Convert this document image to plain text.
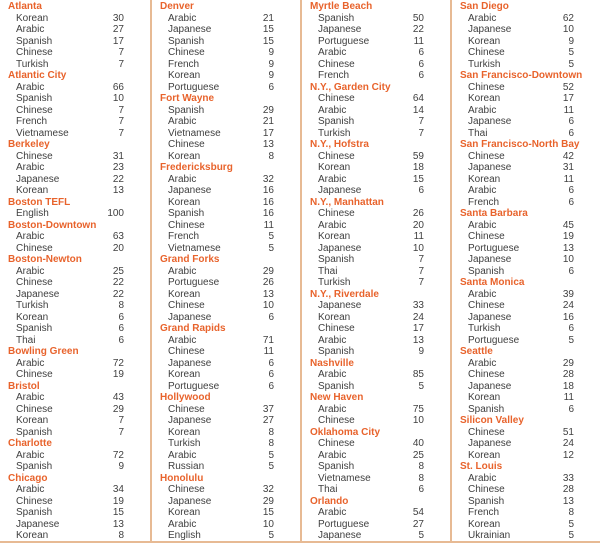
Atlanta
Korean	30
Arabic	27
Spanish	17
Chinese	7
Turkish	7
Atlantic City
Arabic	66
Spanish	10
Chinese	7
French	7
Vietnamese	7
Berkeley
Chinese	31
Arabic	23
Japanese	22
Korean	13
Boston TEFL
English	100
Boston-Downtown
Arabic	63
Chinese	20
Boston-Newton
Arabic	25
Chinese	22
Japanese	22
Turkish	8
Korean	6
Spanish	6
Thai	6
Bowling Green
Arabic	72
Chinese	19
Bristol
Arabic	43
Chinese	29
Korean	7
Spanish	7
Charlotte
Arabic	72
Spanish	9
Chicago
Arabic	34
Chinese	19
Spanish	15
Japanese	13
Korean	8
Denver
Arabic	21
Japanese	15
Spanish	15
Chinese	9
French	9
Korean	9
Portuguese	6
Fort Wayne
Spanish	29
Arabic	21
Vietnamese	17
Chinese	13
Korean	8
Fredericksburg
Arabic	32
Japanese	16
Korean	16
Spanish	16
Chinese	11
French	5
Vietnamese	5
Grand Forks
Arabic	29
Portuguese	26
Korean	13
Chinese	10
Japanese	6
Grand Rapids
Arabic	71
Chinese	11
Japanese	6
Korean	6
Portuguese	6
Hollywood
Chinese	37
Japanese	27
Korean	8
Turkish	8
Arabic	5
Russian	5
Honolulu
Chinese	32
Japanese	29
Korean	15
Arabic	10
English	5
Myrtle Beach
Spanish	50
Japanese	22
Portuguese	11
Arabic	6
Chinese	6
French	6
N.Y., Garden City
Chinese	64
Arabic	14
Spanish	7
Turkish	7
N.Y., Hofstra
Chinese	59
Korean	18
Arabic	15
Japanese	6
N.Y., Manhattan
Chinese	26
Arabic	20
Korean	11
Japanese	10
Spanish	7
Thai	7
Turkish	7
N.Y., Riverdale
Japanese	33
Korean	24
Chinese	17
Arabic	13
Spanish	9
Nashville
Arabic	85
Spanish	5
New Haven
Arabic	75
Chinese	10
Oklahoma City
Chinese	40
Arabic	25
Spanish	8
Vietnamese	8
Thai	6
Orlando
Arabic	54
Portuguese	27
Japanese	5
San Diego
Arabic	62
Japanese	10
Korean	9
Chinese	5
Turkish	5
San Francisco-Downtown
Chinese	52
Korean	17
Arabic	11
Japanese	6
Thai	6
San Francisco-North Bay
Chinese	42
Japanese	31
Korean	11
Arabic	6
French	6
Santa Barbara
Arabic	45
Chinese	19
Portuguese	13
Japanese	10
Spanish	6
Santa Monica
Arabic	39
Chinese	24
Japanese	16
Turkish	6
Portuguese	5
Seattle
Arabic	29
Chinese	28
Japanese	18
Korean	11
Spanish	6
Silicon Valley
Chinese	51
Japanese	24
Korean	12
St. Louis
Arabic	33
Chinese	28
Spanish	13
French	8
Korean	5
Ukrainian	5
